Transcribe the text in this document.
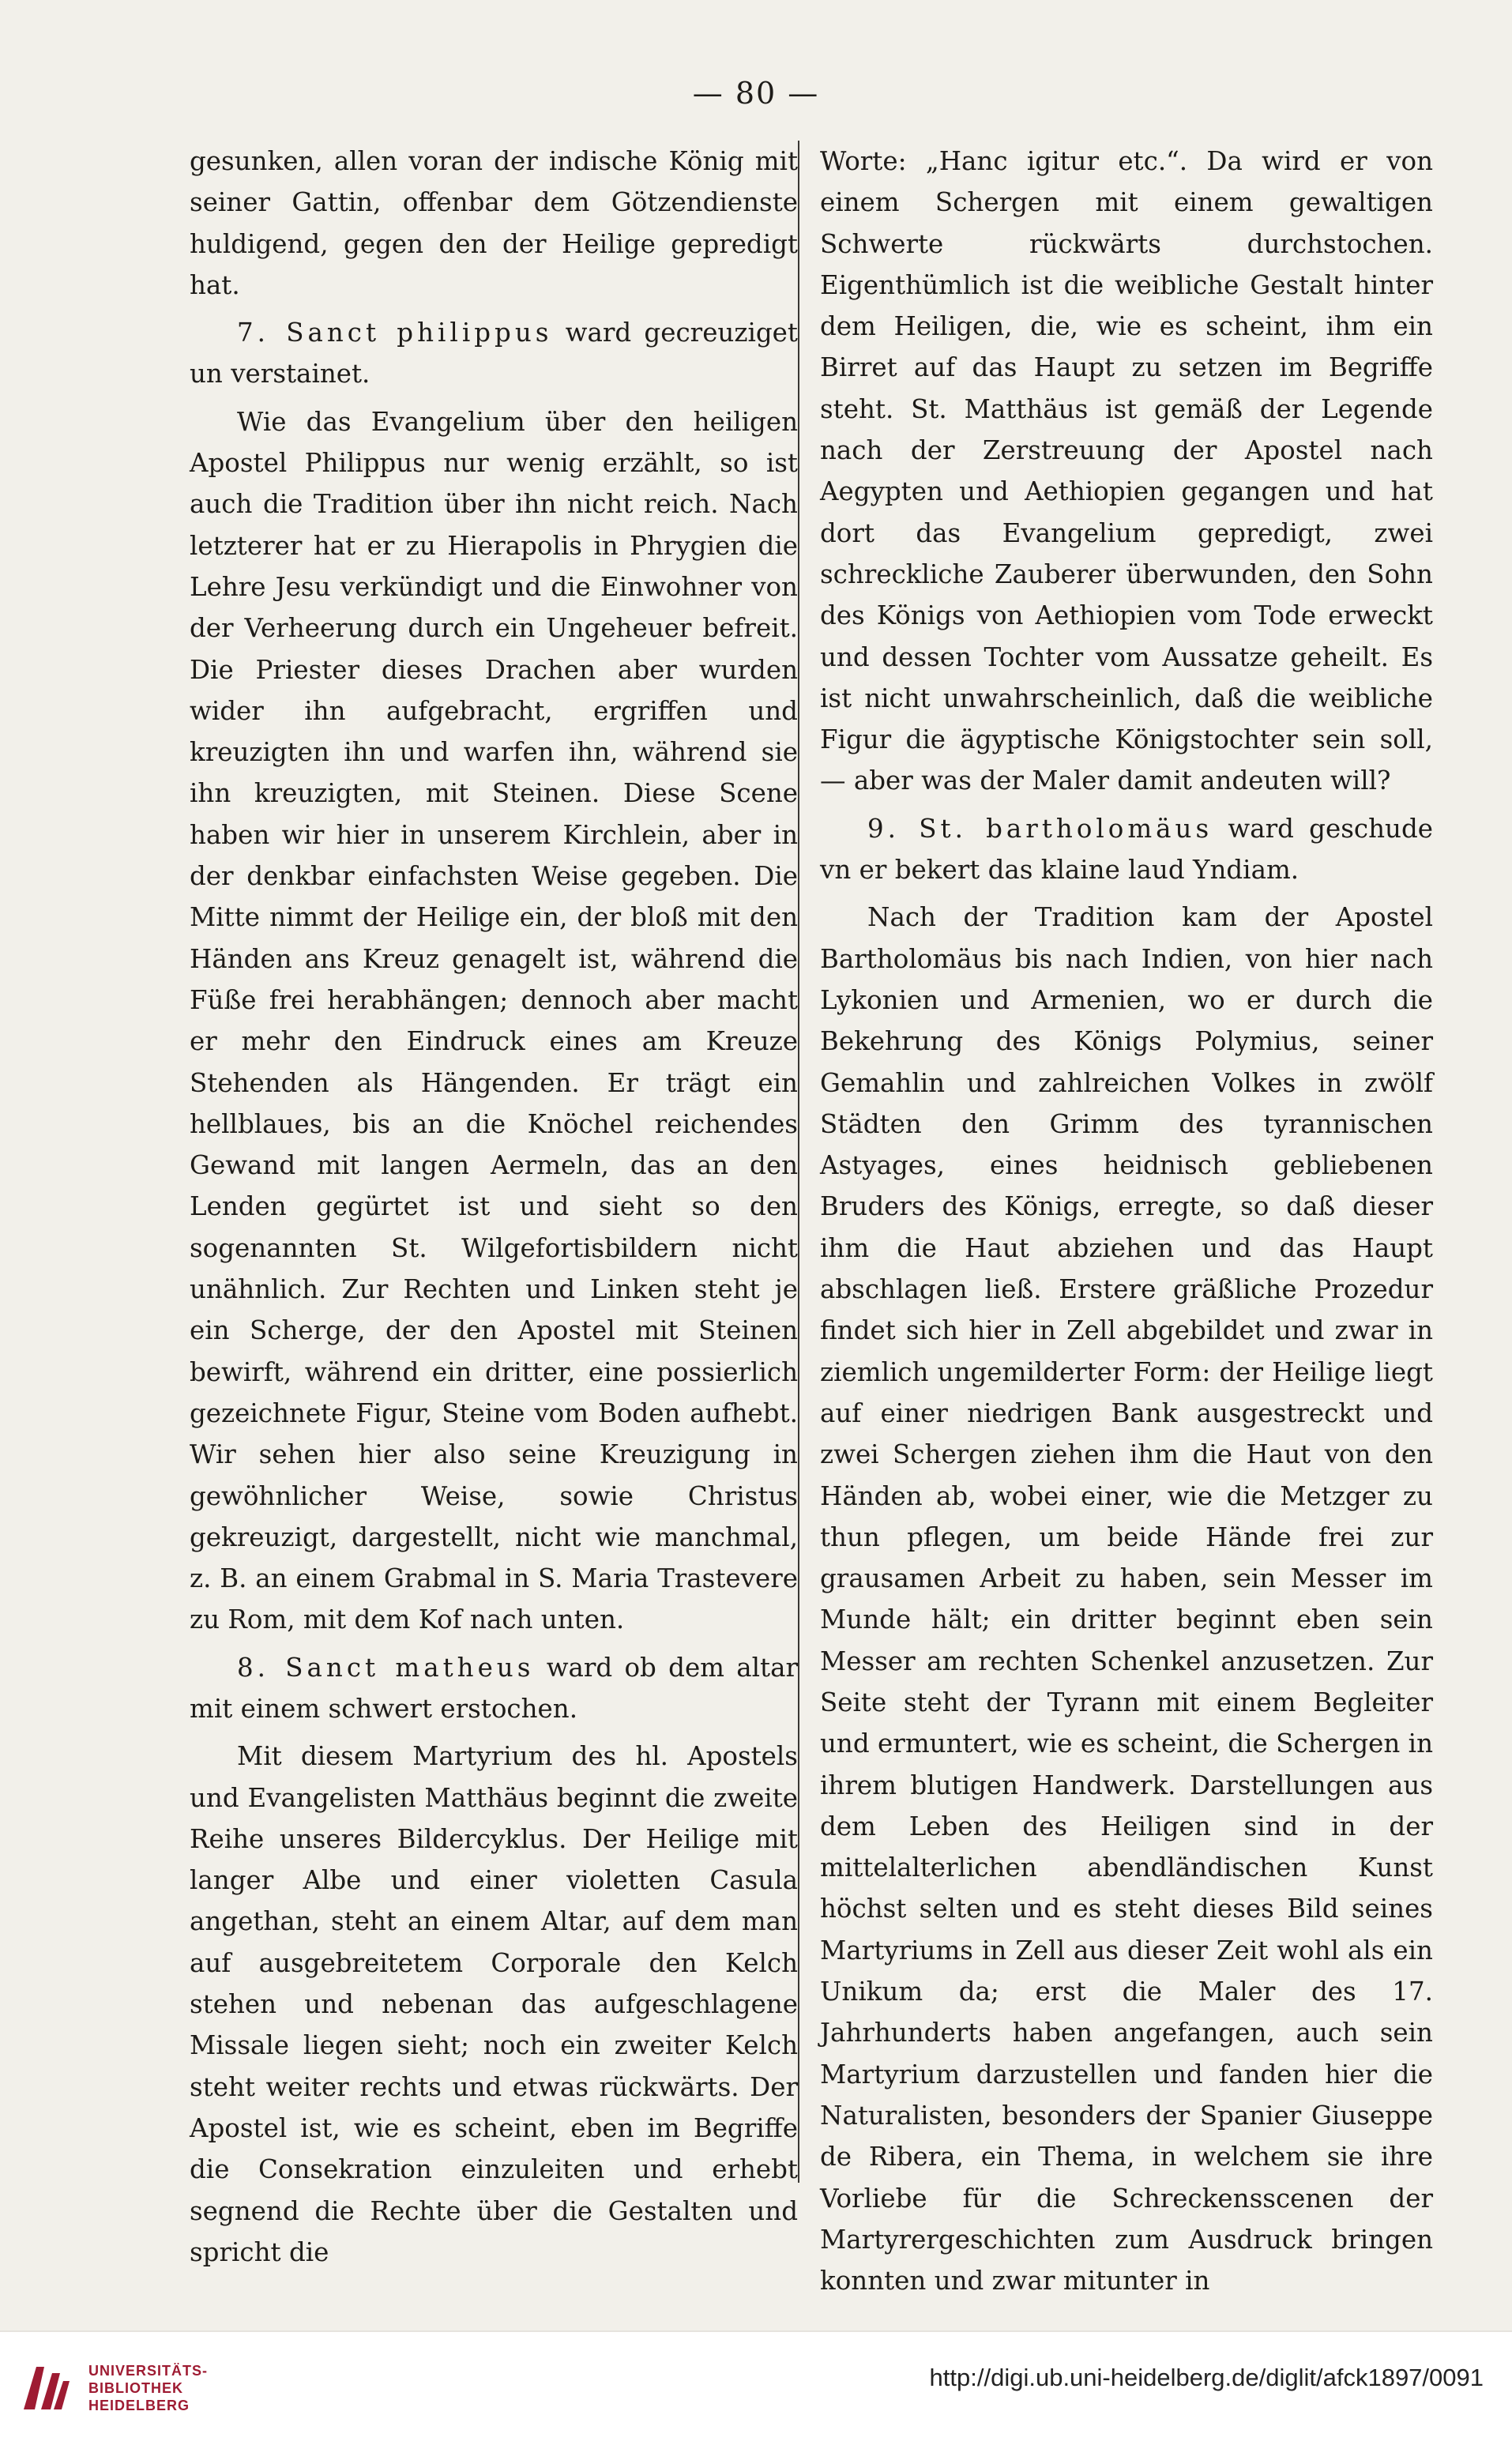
— 80 —

gesunken, allen voran der indische König mit seiner Gattin, offenbar dem Götzendienste huldigend, gegen den der Heilige gepredigt hat.

7. Sanct philippus ward gecreuziget un verstainet.

Wie das Evangelium über den heiligen Apostel Philippus nur wenig erzählt, so ist auch die Tradition über ihn nicht reich. Nach letzterer hat er zu Hierapolis in Phrygien die Lehre Jesu verkündigt und die Einwohner von der Verheerung durch ein Ungeheuer befreit. Die Priester dieses Drachen aber wurden wider ihn aufgebracht, ergriffen und kreuzigten ihn und warfen ihn, während sie ihn kreuzigten, mit Steinen. Diese Scene haben wir hier in unserem Kirchlein, aber in der denkbar einfachsten Weise gegeben. Die Mitte nimmt der Heilige ein, der bloß mit den Händen ans Kreuz genagelt ist, während die Füße frei herabhängen; dennoch aber macht er mehr den Eindruck eines am Kreuze Stehenden als Hängenden. Er trägt ein hellblaues, bis an die Knöchel reichendes Gewand mit langen Aermeln, das an den Lenden gegürtet ist und sieht so den sogenannten St. Wilgefortisbildern nicht unähnlich. Zur Rechten und Linken steht je ein Scherge, der den Apostel mit Steinen bewirft, während ein dritter, eine possierlich gezeichnete Figur, Steine vom Boden aufhebt. Wir sehen hier also seine Kreuzigung in gewöhnlicher Weise, sowie Christus gekreuzigt, dargestellt, nicht wie manchmal, z. B. an einem Grabmal in S. Maria Trastevere zu Rom, mit dem Kof nach unten.

8. Sanct matheus ward ob dem altar mit einem schwert erstochen.

Mit diesem Martyrium des hl. Apostels und Evangelisten Matthäus beginnt die zweite Reihe unseres Bildercyklus. Der Heilige mit langer Albe und einer violetten Casula angethan, steht an einem Altar, auf dem man auf ausgebreitetem Corporale den Kelch stehen und nebenan das aufgeschlagene Missale liegen sieht; noch ein zweiter Kelch steht weiter rechts und etwas rückwärts. Der Apostel ist, wie es scheint, eben im Begriffe die Consekration einzuleiten und erhebt segnend die Rechte über die Gestalten und spricht die

Worte: „Hanc igitur etc.“. Da wird er von einem Schergen mit einem gewaltigen Schwerte rückwärts durchstochen. Eigenthümlich ist die weibliche Gestalt hinter dem Heiligen, die, wie es scheint, ihm ein Birret auf das Haupt zu setzen im Begriffe steht. St. Matthäus ist gemäß der Legende nach der Zerstreuung der Apostel nach Aegypten und Aethiopien gegangen und hat dort das Evangelium gepredigt, zwei schreckliche Zauberer überwunden, den Sohn des Königs von Aethiopien vom Tode erweckt und dessen Tochter vom Aussatze geheilt. Es ist nicht unwahrscheinlich, daß die weibliche Figur die ägyptische Königstochter sein soll, — aber was der Maler damit andeuten will?

9. St. bartholomäus ward geschude vn er bekert das klaine laud Yndiam.

Nach der Tradition kam der Apostel Bartholomäus bis nach Indien, von hier nach Lykonien und Armenien, wo er durch die Bekehrung des Königs Polymius, seiner Gemahlin und zahlreichen Volkes in zwölf Städten den Grimm des tyrannischen Astyages, eines heidnisch gebliebenen Bruders des Königs, erregte, so daß dieser ihm die Haut abziehen und das Haupt abschlagen ließ. Erstere gräßliche Prozedur findet sich hier in Zell abgebildet und zwar in ziemlich ungemilderter Form: der Heilige liegt auf einer niedrigen Bank ausgestreckt und zwei Schergen ziehen ihm die Haut von den Händen ab, wobei einer, wie die Metzger zu thun pflegen, um beide Hände frei zur grausamen Arbeit zu haben, sein Messer im Munde hält; ein dritter beginnt eben sein Messer am rechten Schenkel anzusetzen. Zur Seite steht der Tyrann mit einem Begleiter und ermuntert, wie es scheint, die Schergen in ihrem blutigen Handwerk. Darstellungen aus dem Leben des Heiligen sind in der mittelalterlichen abendländischen Kunst höchst selten und es steht dieses Bild seines Martyriums in Zell aus dieser Zeit wohl als ein Unikum da; erst die Maler des 17. Jahrhunderts haben angefangen, auch sein Martyrium darzustellen und fanden hier die Naturalisten, besonders der Spanier Giuseppe de Ribera, ein Thema, in welchem sie ihre Vorliebe für die Schreckensscenen der Martyrergeschichten zum Ausdruck bringen konnten und zwar mitunter in

UNIVERSITÄTS-
BIBLIOTHEK
HEIDELBERG
http://digi.ub.uni-heidelberg.de/diglit/afck1897/0091
